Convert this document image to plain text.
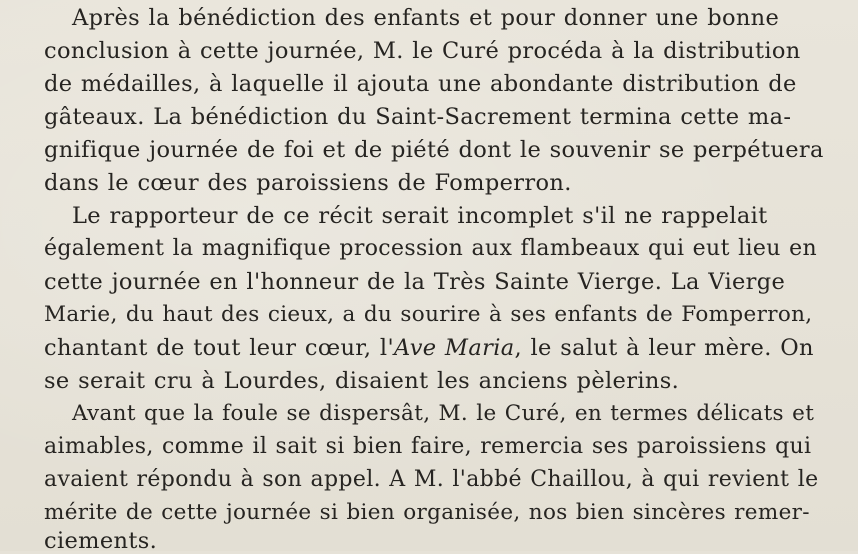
Après la bénédiction des enfants et pour donner une bonne
conclusion à cette journée, M. le Curé procéda à la distribution
de médailles, à laquelle il ajouta une abondante distribution de
gâteaux. La bénédiction du Saint-Sacrement termina cette ma-
gnifique journée de foi et de piété dont le souvenir se perpétuera
dans le cœur des paroissiens de Fomperron.
Le rapporteur de ce récit serait incomplet s'il ne rappelait
également la magnifique procession aux flambeaux qui eut lieu en
cette journée en l'honneur de la Très Sainte Vierge. La Vierge
Marie, du haut des cieux, a du sourire à ses enfants de Fomperron,
chantant de tout leur cœur, l'Ave Maria, le salut à leur mère. On
se serait cru à Lourdes, disaient les anciens pèlerins.
Avant que la foule se dispersât, M. le Curé, en termes délicats et
aimables, comme il sait si bien faire, remercia ses paroissiens qui
avaient répondu à son appel. A M. l'abbé Chaillou, à qui revient le
mérite de cette journée si bien organisée, nos bien sincères remer-
ciements.
